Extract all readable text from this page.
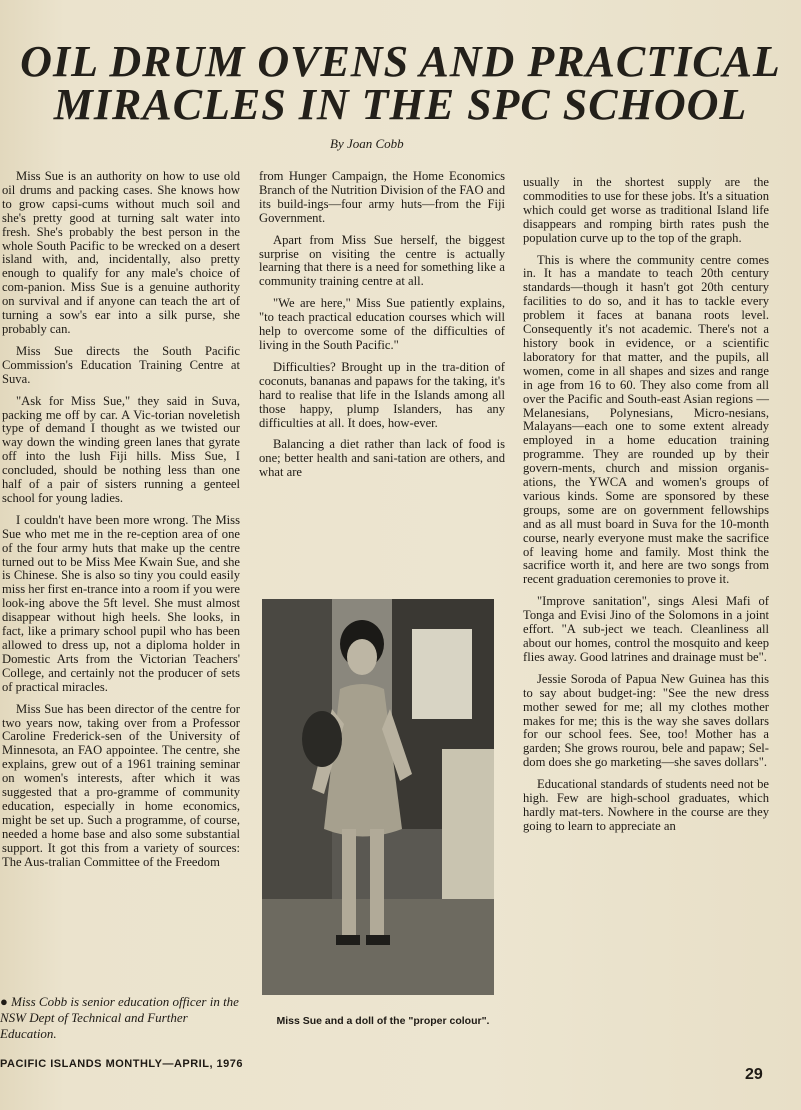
OIL DRUM OVENS AND PRACTICAL
MIRACLES IN THE SPC SCHOOL
By Joan Cobb

Miss Sue is an authority on how to use old oil drums and packing cases. She knows how to grow capsi-cums without much soil and she's pretty good at turning salt water into fresh. She's probably the best person in the whole South Pacific to be wrecked on a desert island with, and, incidentally, also pretty enough to qualify for any male's choice of com-panion. Miss Sue is a genuine authority on survival and if anyone can teach the art of turning a sow's ear into a silk purse, she probably can.

Miss Sue directs the South Pacific Commission's Education Training Centre at Suva.

"Ask for Miss Sue," they said in Suva, packing me off by car. A Vic-torian noveletish type of demand I thought as we twisted our way down the winding green lanes that gyrate off into the lush Fiji hills. Miss Sue, I concluded, should be nothing less than one half of a pair of sisters running a genteel school for young ladies.

I couldn't have been more wrong. The Miss Sue who met me in the re-ception area of one of the four army huts that make up the centre turned out to be Miss Mee Kwain Sue, and she is Chinese. She is also so tiny you could easily miss her first en-trance into a room if you were look-ing above the 5ft level. She must almost disappear without high heels. She looks, in fact, like a primary school pupil who has been allowed to dress up, not a diploma holder in Domestic Arts from the Victorian Teachers' College, and certainly not the producer of sets of practical miracles.

Miss Sue has been director of the centre for two years now, taking over from a Professor Caroline Frederick-sen of the University of Minnesota, an FAO appointee. The centre, she explains, grew out of a 1961 training seminar on women's interests, after which it was suggested that a pro-gramme of community education, especially in home economics, might be set up. Such a programme, of course, needed a home base and also some substantial support. It got this from a variety of sources: The Aus-tralian Committee of the Freedom

● Miss Cobb is senior education officer in the NSW Dept of Technical and Further Education.

from Hunger Campaign, the Home Economics Branch of the Nutrition Division of the FAO and its build-ings—four army huts—from the Fiji Government.

Apart from Miss Sue herself, the biggest surprise on visiting the centre is actually learning that there is a need for something like a community training centre at all.

"We are here," Miss Sue patiently explains, "to teach practical education courses which will help to overcome some of the difficulties of living in the South Pacific."

Difficulties? Brought up in the tra-dition of coconuts, bananas and papaws for the taking, it's hard to realise that life in the Islands among all those happy, plump Islanders, has any difficulties at all. It does, how-ever.

Balancing a diet rather than lack of food is one; better health and sani-tation are others, and what are

Miss Sue and a doll of the "proper colour".

usually in the shortest supply are the commodities to use for these jobs. It's a situation which could get worse as traditional Island life disappears and romping birth rates push the population curve up to the top of the graph.

This is where the community centre comes in. It has a mandate to teach 20th century standards—though it hasn't got 20th century facilities to do so, and it has to tackle every problem it faces at banana roots level. Consequently it's not academic. There's not a history book in evidence, or a scientific laboratory for that matter, and the pupils, all women, come in all shapes and sizes and range in age from 16 to 60. They also come from all over the Pacific and South-east Asian regions —Melanesians, Polynesians, Micro-nesians, Malayans—each one to some extent already employed in a home education training programme. They are rounded up by their govern-ments, church and mission organis-ations, the YWCA and women's groups of various kinds. Some are sponsored by these groups, some are on government fellowships and as all must board in Suva for the 10-month course, nearly everyone must make the sacrifice of leaving home and family. Most think the sacrifice worth it, and here are two songs from recent graduation ceremonies to prove it.

"Improve sanitation", sings Alesi Mafi of Tonga and Evisi Jino of the Solomons in a joint effort. "A sub-ject we teach. Cleanliness all about our homes, control the mosquito and keep flies away. Good latrines and drainage must be".

Jessie Soroda of Papua New Guinea has this to say about budget-ing: "See the new dress mother sewed for me; all my clothes mother makes for me; this is the way she saves dollars for our school fees. See, too! Mother has a garden; She grows rourou, bele and papaw; Sel-dom does she go marketing—she saves dollars".

Educational standards of students need not be high. Few are high-school graduates, which hardly mat-ters. Nowhere in the course are they going to learn to appreciate an

PACIFIC ISLANDS MONTHLY—APRIL, 1976
29
